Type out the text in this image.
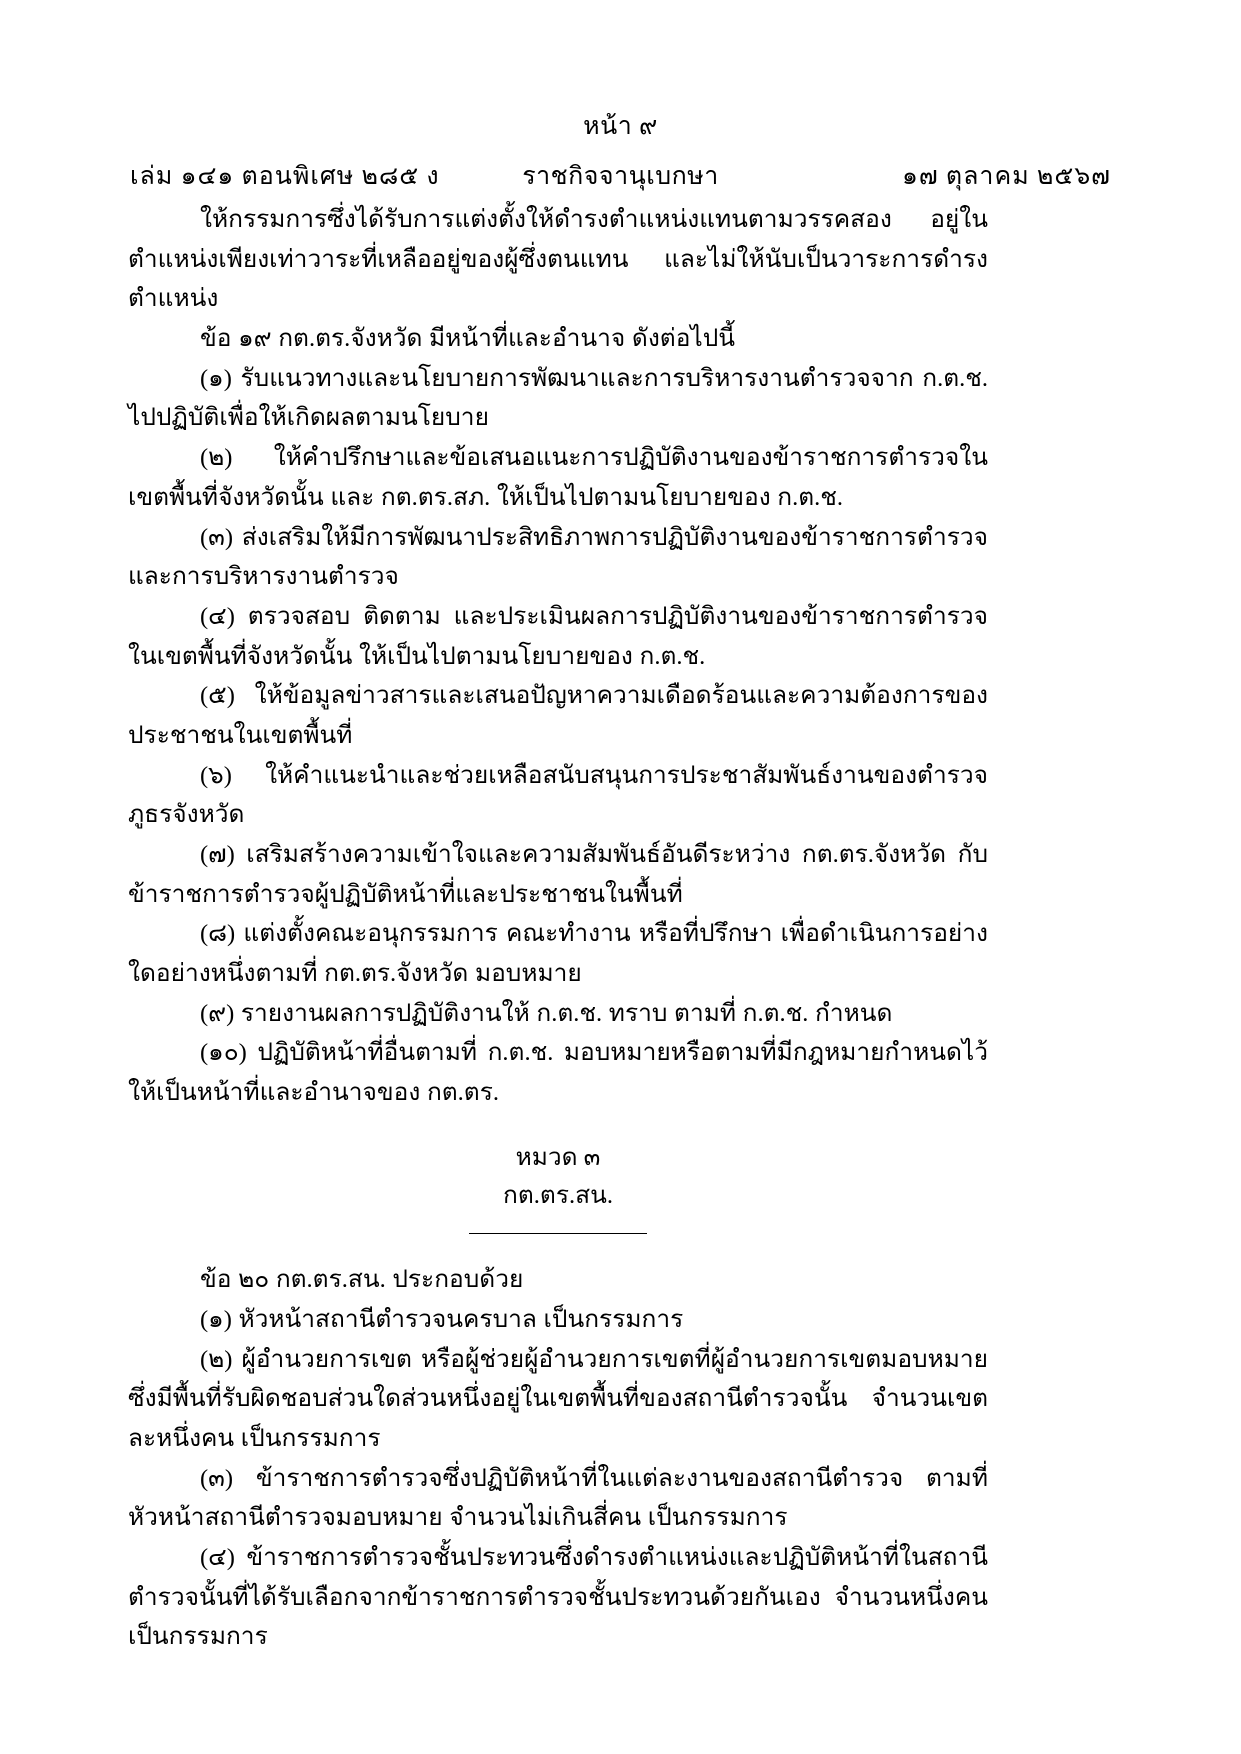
หน้า ๙
เล่ม ๑๔๑ ตอนพิเศษ ๒๘๕ ง	ราชกิจจานุเบกษา	๑๗ ตุลาคม ๒๕๖๗

ให้กรรมการซึ่งได้รับการแต่งตั้งให้ดำรงตำแหน่งแทนตามวรรคสอง อยู่ในตำแหน่งเพียงเท่าวาระที่เหลืออยู่ของผู้ซึ่งตนแทน และไม่ให้นับเป็นวาระการดำรงตำแหน่ง

ข้อ ๑๙ กต.ตร.จังหวัด มีหน้าที่และอำนาจ ดังต่อไปนี้

(๑) รับแนวทางและนโยบายการพัฒนาและการบริหารงานตำรวจจาก ก.ต.ช. ไปปฏิบัติเพื่อให้เกิดผลตามนโยบาย

(๒) ให้คำปรึกษาและข้อเสนอแนะการปฏิบัติงานของข้าราชการตำรวจในเขตพื้นที่จังหวัดนั้น และ กต.ตร.สภ. ให้เป็นไปตามนโยบายของ ก.ต.ช.

(๓) ส่งเสริมให้มีการพัฒนาประสิทธิภาพการปฏิบัติงานของข้าราชการตำรวจและการบริหารงานตำรวจ

(๔) ตรวจสอบ ติดตาม และประเมินผลการปฏิบัติงานของข้าราชการตำรวจในเขตพื้นที่จังหวัดนั้น ให้เป็นไปตามนโยบายของ ก.ต.ช.

(๕) ให้ข้อมูลข่าวสารและเสนอปัญหาความเดือดร้อนและความต้องการของประชาชนในเขตพื้นที่

(๖) ให้คำแนะนำและช่วยเหลือสนับสนุนการประชาสัมพันธ์งานของตำรวจภูธรจังหวัด

(๗) เสริมสร้างความเข้าใจและความสัมพันธ์อันดีระหว่าง กต.ตร.จังหวัด กับข้าราชการตำรวจผู้ปฏิบัติหน้าที่และประชาชนในพื้นที่

(๘) แต่งตั้งคณะอนุกรรมการ คณะทำงาน หรือที่ปรึกษา เพื่อดำเนินการอย่างใดอย่างหนึ่งตามที่ กต.ตร.จังหวัด มอบหมาย

(๙) รายงานผลการปฏิบัติงานให้ ก.ต.ช. ทราบ ตามที่ ก.ต.ช. กำหนด

(๑๐) ปฏิบัติหน้าที่อื่นตามที่ ก.ต.ช. มอบหมายหรือตามที่มีกฎหมายกำหนดไว้ให้เป็นหน้าที่และอำนาจของ กต.ตร.

หมวด ๓
กต.ตร.สน.

ข้อ ๒๐ กต.ตร.สน. ประกอบด้วย

(๑) หัวหน้าสถานีตำรวจนครบาล เป็นกรรมการ

(๒) ผู้อำนวยการเขต หรือผู้ช่วยผู้อำนวยการเขตที่ผู้อำนวยการเขตมอบหมายซึ่งมีพื้นที่รับผิดชอบส่วนใดส่วนหนึ่งอยู่ในเขตพื้นที่ของสถานีตำรวจนั้น จำนวนเขตละหนึ่งคน เป็นกรรมการ

(๓) ข้าราชการตำรวจซึ่งปฏิบัติหน้าที่ในแต่ละงานของสถานีตำรวจ ตามที่หัวหน้าสถานีตำรวจมอบหมาย จำนวนไม่เกินสี่คน เป็นกรรมการ

(๔) ข้าราชการตำรวจชั้นประทวนซึ่งดำรงตำแหน่งและปฏิบัติหน้าที่ในสถานีตำรวจนั้นที่ได้รับเลือกจากข้าราชการตำรวจชั้นประทวนด้วยกันเอง จำนวนหนึ่งคน เป็นกรรมการ
